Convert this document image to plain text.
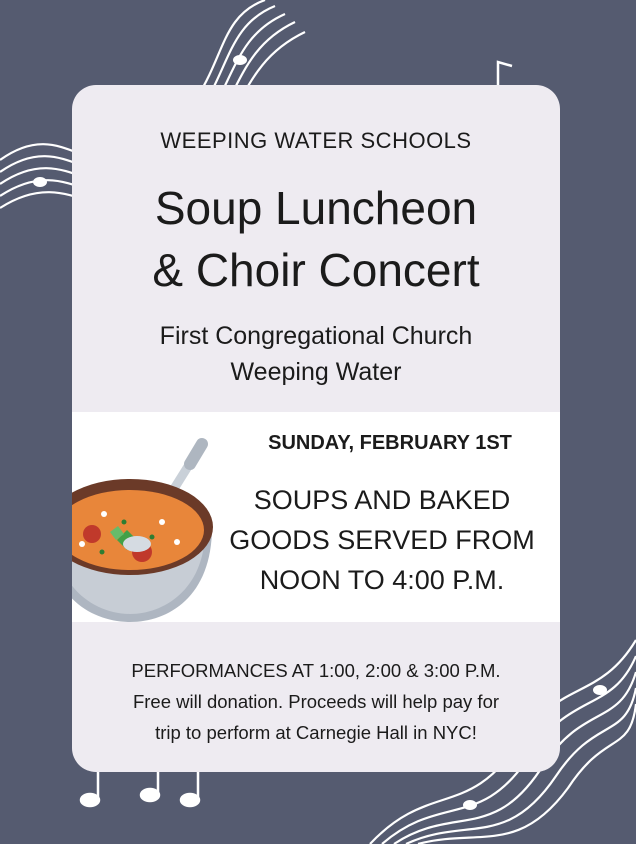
WEEPING WATER SCHOOLS
Soup Luncheon
& Choir Concert
First Congregational Church
Weeping Water
SUNDAY, FEBRUARY 1ST
SOUPS AND BAKED
GOODS SERVED FROM
NOON TO 4:00 P.M.
PERFORMANCES AT 1:00, 2:00 & 3:00 P.M.
Free will donation. Proceeds will help pay for
trip to perform at Carnegie Hall in NYC!
